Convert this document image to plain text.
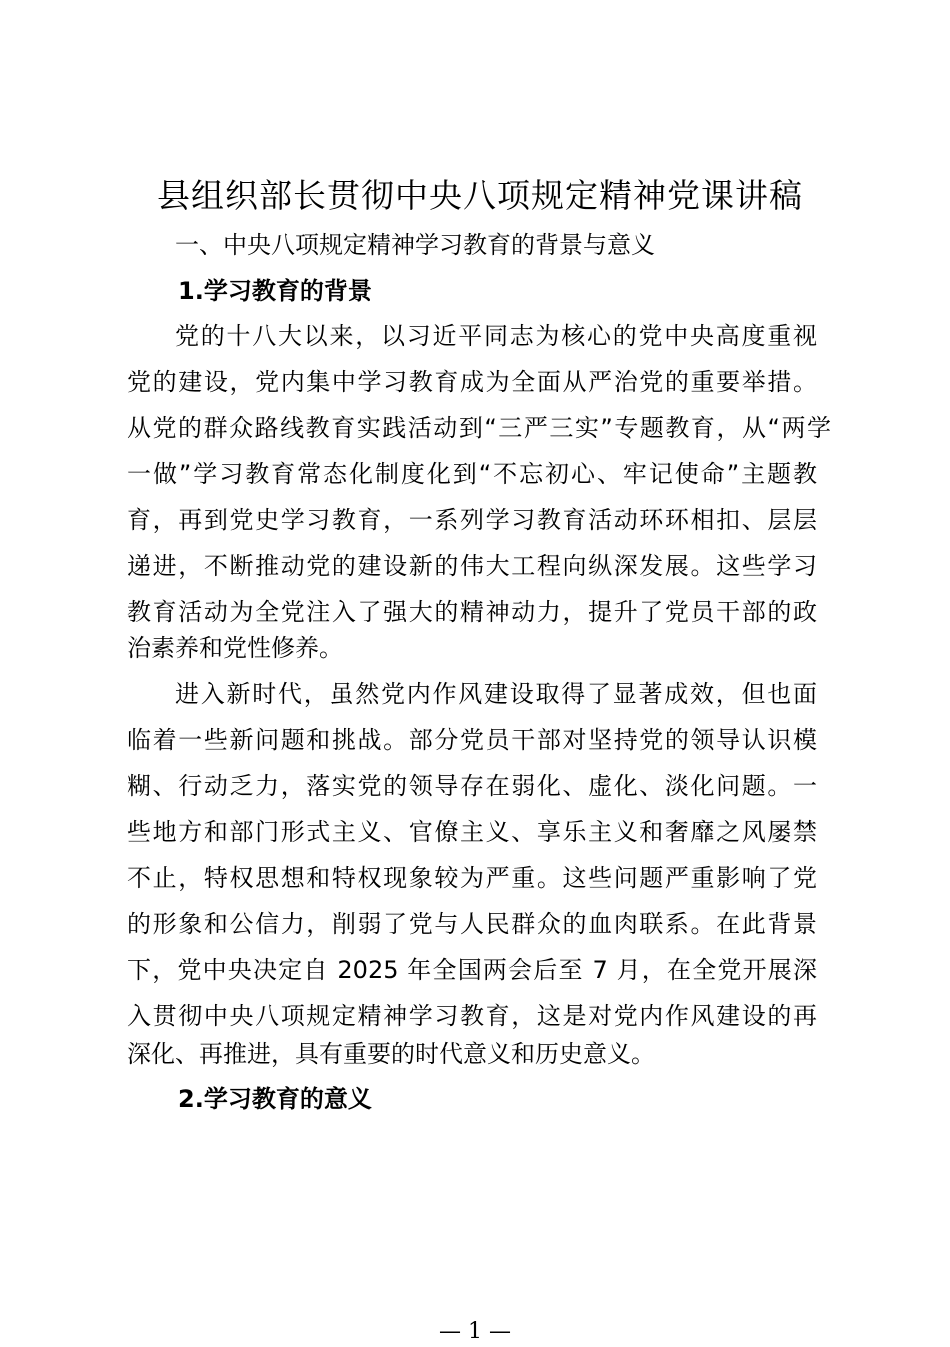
县组织部长贯彻中央八项规定精神党课讲稿
一、中央八项规定精神学习教育的背景与意义
1.学习教育的背景
党的十八大以来，以习近平同志为核心的党中央高度重视
党的建设，党内集中学习教育成为全面从严治党的重要举措。
从党的群众路线教育实践活动到“三严三实”专题教育，从“两学
一做”学习教育常态化制度化到“不忘初心、牢记使命”主题教
育，再到党史学习教育，一系列学习教育活动环环相扣、层层
递进，不断推动党的建设新的伟大工程向纵深发展。这些学习
教育活动为全党注入了强大的精神动力，提升了党员干部的政
治素养和党性修养。
进入新时代，虽然党内作风建设取得了显著成效，但也面
临着一些新问题和挑战。部分党员干部对坚持党的领导认识模
糊、行动乏力，落实党的领导存在弱化、虚化、淡化问题。一
些地方和部门形式主义、官僚主义、享乐主义和奢靡之风屡禁
不止，特权思想和特权现象较为严重。这些问题严重影响了党
的形象和公信力，削弱了党与人民群众的血肉联系。在此背景
下，党中央决定自 2025 年全国两会后至 7 月，在全党开展深
入贯彻中央八项规定精神学习教育，这是对党内作风建设的再
深化、再推进，具有重要的时代意义和历史意义。
2.学习教育的意义
— 1 —
